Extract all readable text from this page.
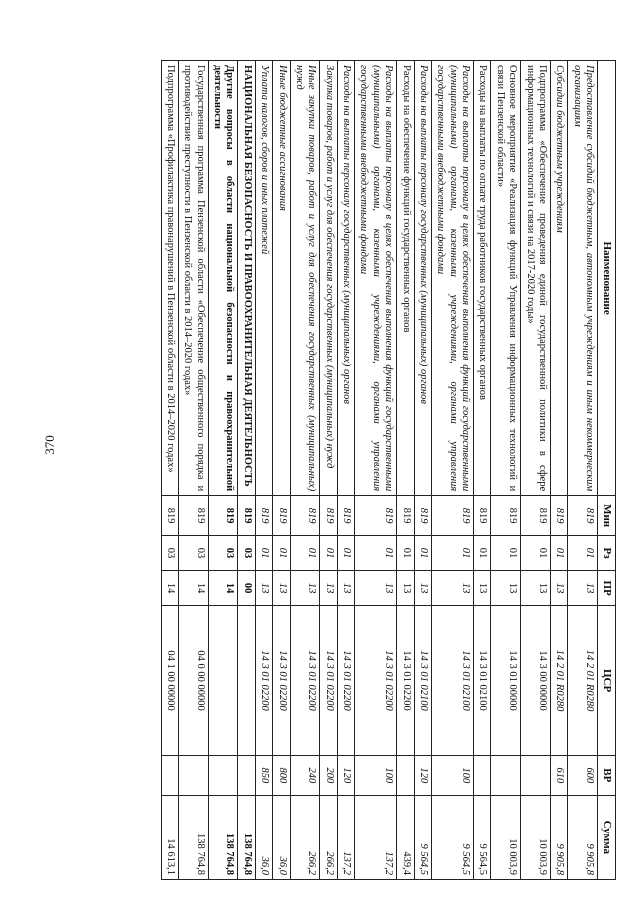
370
Наименование	Мин	Рз	ПР	ЦСР	ВР	Сумма
Предоставление субсидий бюджетным, автономным учреждениям и иным некоммерческим организациям	819	01	13	14 2 01 R0280	600	9 905,8
Субсидии бюджетным учреждениям	819	01	13	14 2 01 R0280	610	9 905,8
Подпрограмма «Обеспечение проведения единой государственной политики в сфере информационных технологий и связи на 2017-2020 годы»	819	01	13	14 3 00 00000		10 003,9
Основное мероприятие «Реализация функций Управления информационных технологий и связи Пензенской области»	819	01	13	14 3 01 00000		10 003,9
Расходы на выплаты по оплате труда работников государственных органов	819	01	13	14 3 01 02100		9 564,5
Расходы на выплаты персоналу в целях обеспечения выполнения функций государственными (муниципальными) органами, казенными учреждениями, органами управления государственными внебюджетными фондами	819	01	13	14 3 01 02100	100	9 564,5
Расходы на выплаты персоналу государственных (муниципальных) органов	819	01	13	14 3 01 02100	120	9 564,5
Расходы на обеспечение функций государственных органов	819	01	13	14 3 01 02200		439,4
Расходы на выплаты персоналу в целях обеспечения выполнения функций государственными (муниципальными) органами, казенными учреждениями, органами управления государственными внебюджетными фондами	819	01	13	14 3 01 02200	100	137,2
Расходы на выплаты персоналу государственных (муниципальных) органов	819	01	13	14 3 01 02200	120	137,2
Закупка товаров, работ и услуг для обеспечения государственных (муниципальных) нужд	819	01	13	14 3 01 02200	200	266,2
Иные закупки товаров, работ и услуг для обеспечения государственных (муниципальных) нужд	819	01	13	14 3 01 02200	240	266,2
Иные бюджетные ассигнования	819	01	13	14 3 01 02200	800	36,0
Уплата налогов, сборов и иных платежей	819	01	13	14 3 01 02200	850	36,0
НАЦИОНАЛЬНАЯ БЕЗОПАСНОСТЬ И ПРАВООХРАНИТЕЛЬНАЯ ДЕЯТЕЛЬНОСТЬ	819	03	00			138 764,8
Другие вопросы в области национальной безопасности и правоохранительной деятельности	819	03	14			138 764,8
Государственная программа Пензенской области «Обеспечение общественного порядка и противодействие преступности в Пензенской области в 2014–2020 годах»	819	03	14	04 0 00 00000		138 764,8
Подпрограмма «Профилактика правонарушений в Пензенской области в 2014–2020 годах»	819	03	14	04 1 00 00000		14 613,1
